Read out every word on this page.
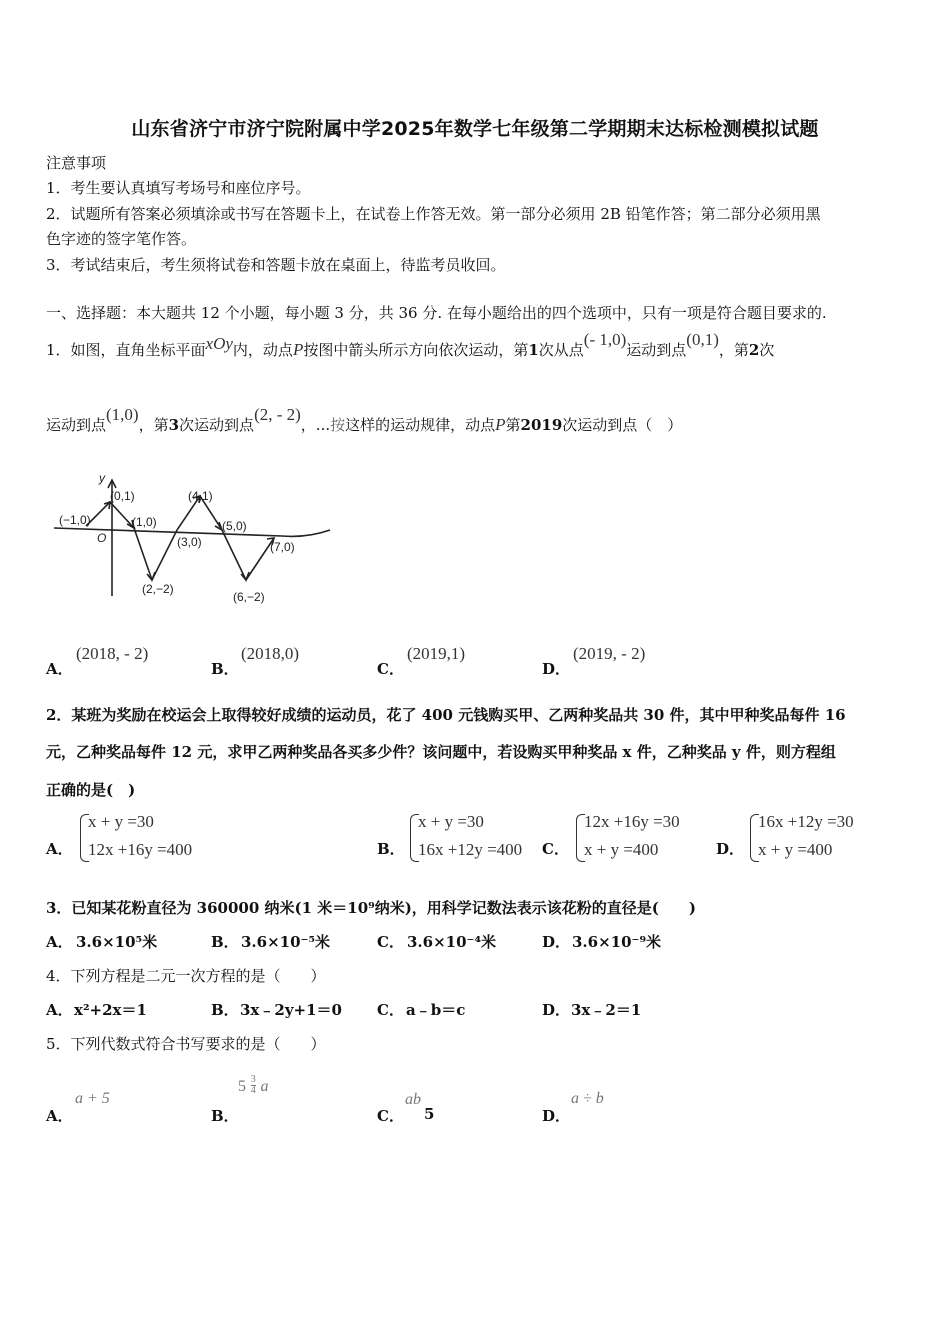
山东省济宁市济宁院附属中学2025年数学七年级第二学期期末达标检测模拟试题
注意事项
1．考生要认真填写考场号和座位序号。
2．试题所有答案必须填涂或书写在答题卡上，在试卷上作答无效。第一部分必须用 2B 铅笔作答；第二部分必须用黑
色字迹的签字笔作答。
3．考试结束后，考生须将试卷和答题卡放在桌面上，待监考员收回。
一、选择题：本大题共 12 个小题，每小题 3 分，共 36 分. 在每小题给出的四个选项中，只有一项是符合题目要求的.
1．如图，直角坐标平面xOy内，动点P按图中箭头所示方向依次运动，第1次从点(- 1,0)运动到点(0,1)，第2次
运动到点(1,0)，第3次运动到点(2, - 2)，...按这样的运动规律，动点P第2019次运动到点（　）
y
O
(0,1)
(−1,0)	(1,0)
(4,1)
(5,0)
(3,0)	(7,0)
(2,−2)
(6,−2)
A．
(2018, - 2)
B．
(2018,0)
C．
(2019,1)
D．
(2019, - 2)
2．某班为奖励在校运会上取得较好成绩的运动员，花了 400 元钱购买甲、乙两种奖品共 30 件，其中甲种奖品每件 16
元，乙种奖品每件 12 元，求甲乙两种奖品各买多少件？该问题中，若设购买甲种奖品 x 件，乙种奖品 y 件，则方程组
正确的是(　)
A．
x + y =30
12x +16y =400	B．
x + y =30
16x +12y =400 C．
12x +16y =30
x + y =400	D．
16x +12y =30
x + y =400
3．已知某花粉直径为 360000 纳米(1 米＝10⁹纳米)，用科学记数法表示该花粉的直径是(　　)
A． 3.6×10⁵米	B． 3.6×10⁻⁵米	C． 3.6×10⁻⁴米	D． 3.6×10⁻⁹米
4．下列方程是二元一次方程的是（　　）
A． x²+2x＝1	B． 3x﹣2y+1＝0 C． a﹣b＝c	D． 3x﹣2＝1
5．下列代数式符合书写要求的是（　　）
A．
a + 5
B．
$5 \frac{3}{4}$ a
C．
ab
5	D．
a ÷ b
